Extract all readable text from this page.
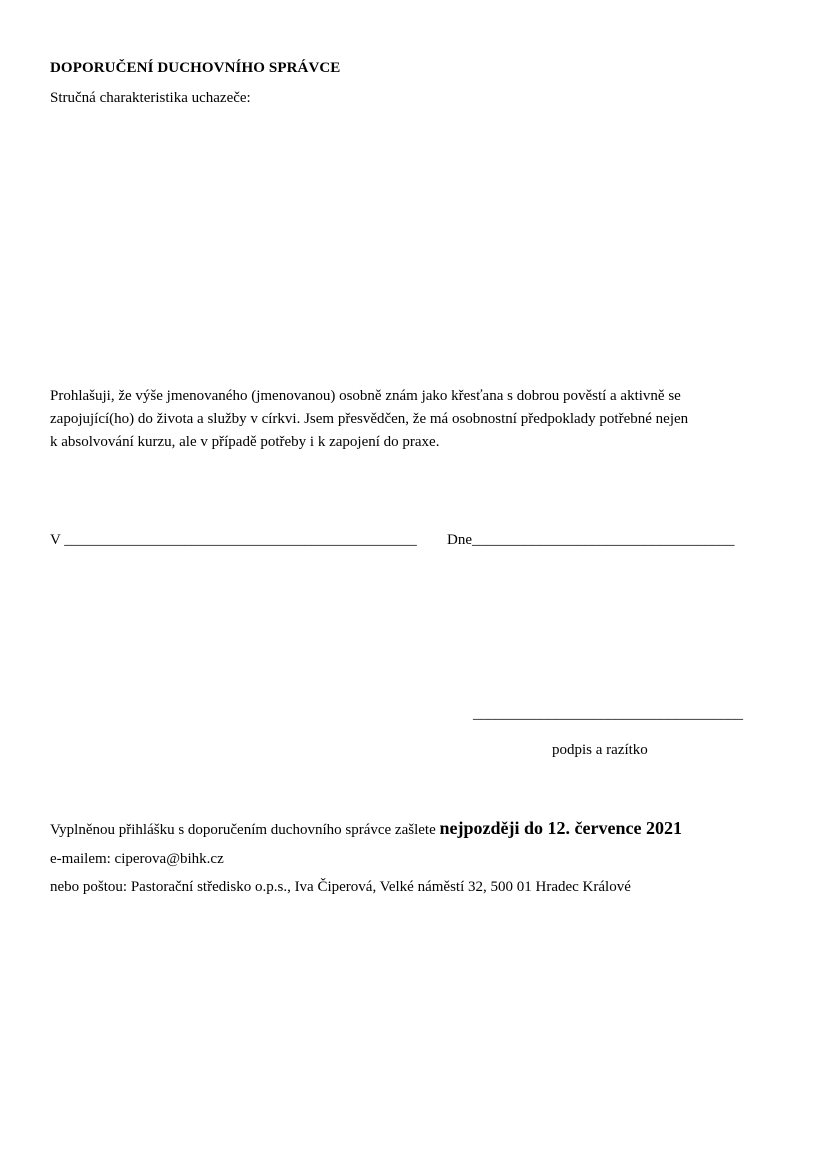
DOPORUČENÍ DUCHOVNÍHO SPRÁVCE
Stručná charakteristika uchazeče:
Prohlašuji, že výše jmenovaného (jmenovanou) osobně znám jako křesťana s dobrou pověstí a aktivně se
zapojující(ho) do života a služby v církvi. Jsem přesvědčen, že má osobnostní předpoklady potřebné nejen
k absolvování kurzu, ale v případě potřeby i k zapojení do praxe.
V _______________________________________________ Dne___________________________________
____________________________________
podpis a razítko
Vyplněnou přihlášku s doporučením duchovního správce zašlete nejpozději do 12. července 2021
e-mailem: ciperova@bihk.cz
nebo poštou: Pastorační středisko o.p.s., Iva Čiperová, Velké náměstí 32, 500 01 Hradec Králové
